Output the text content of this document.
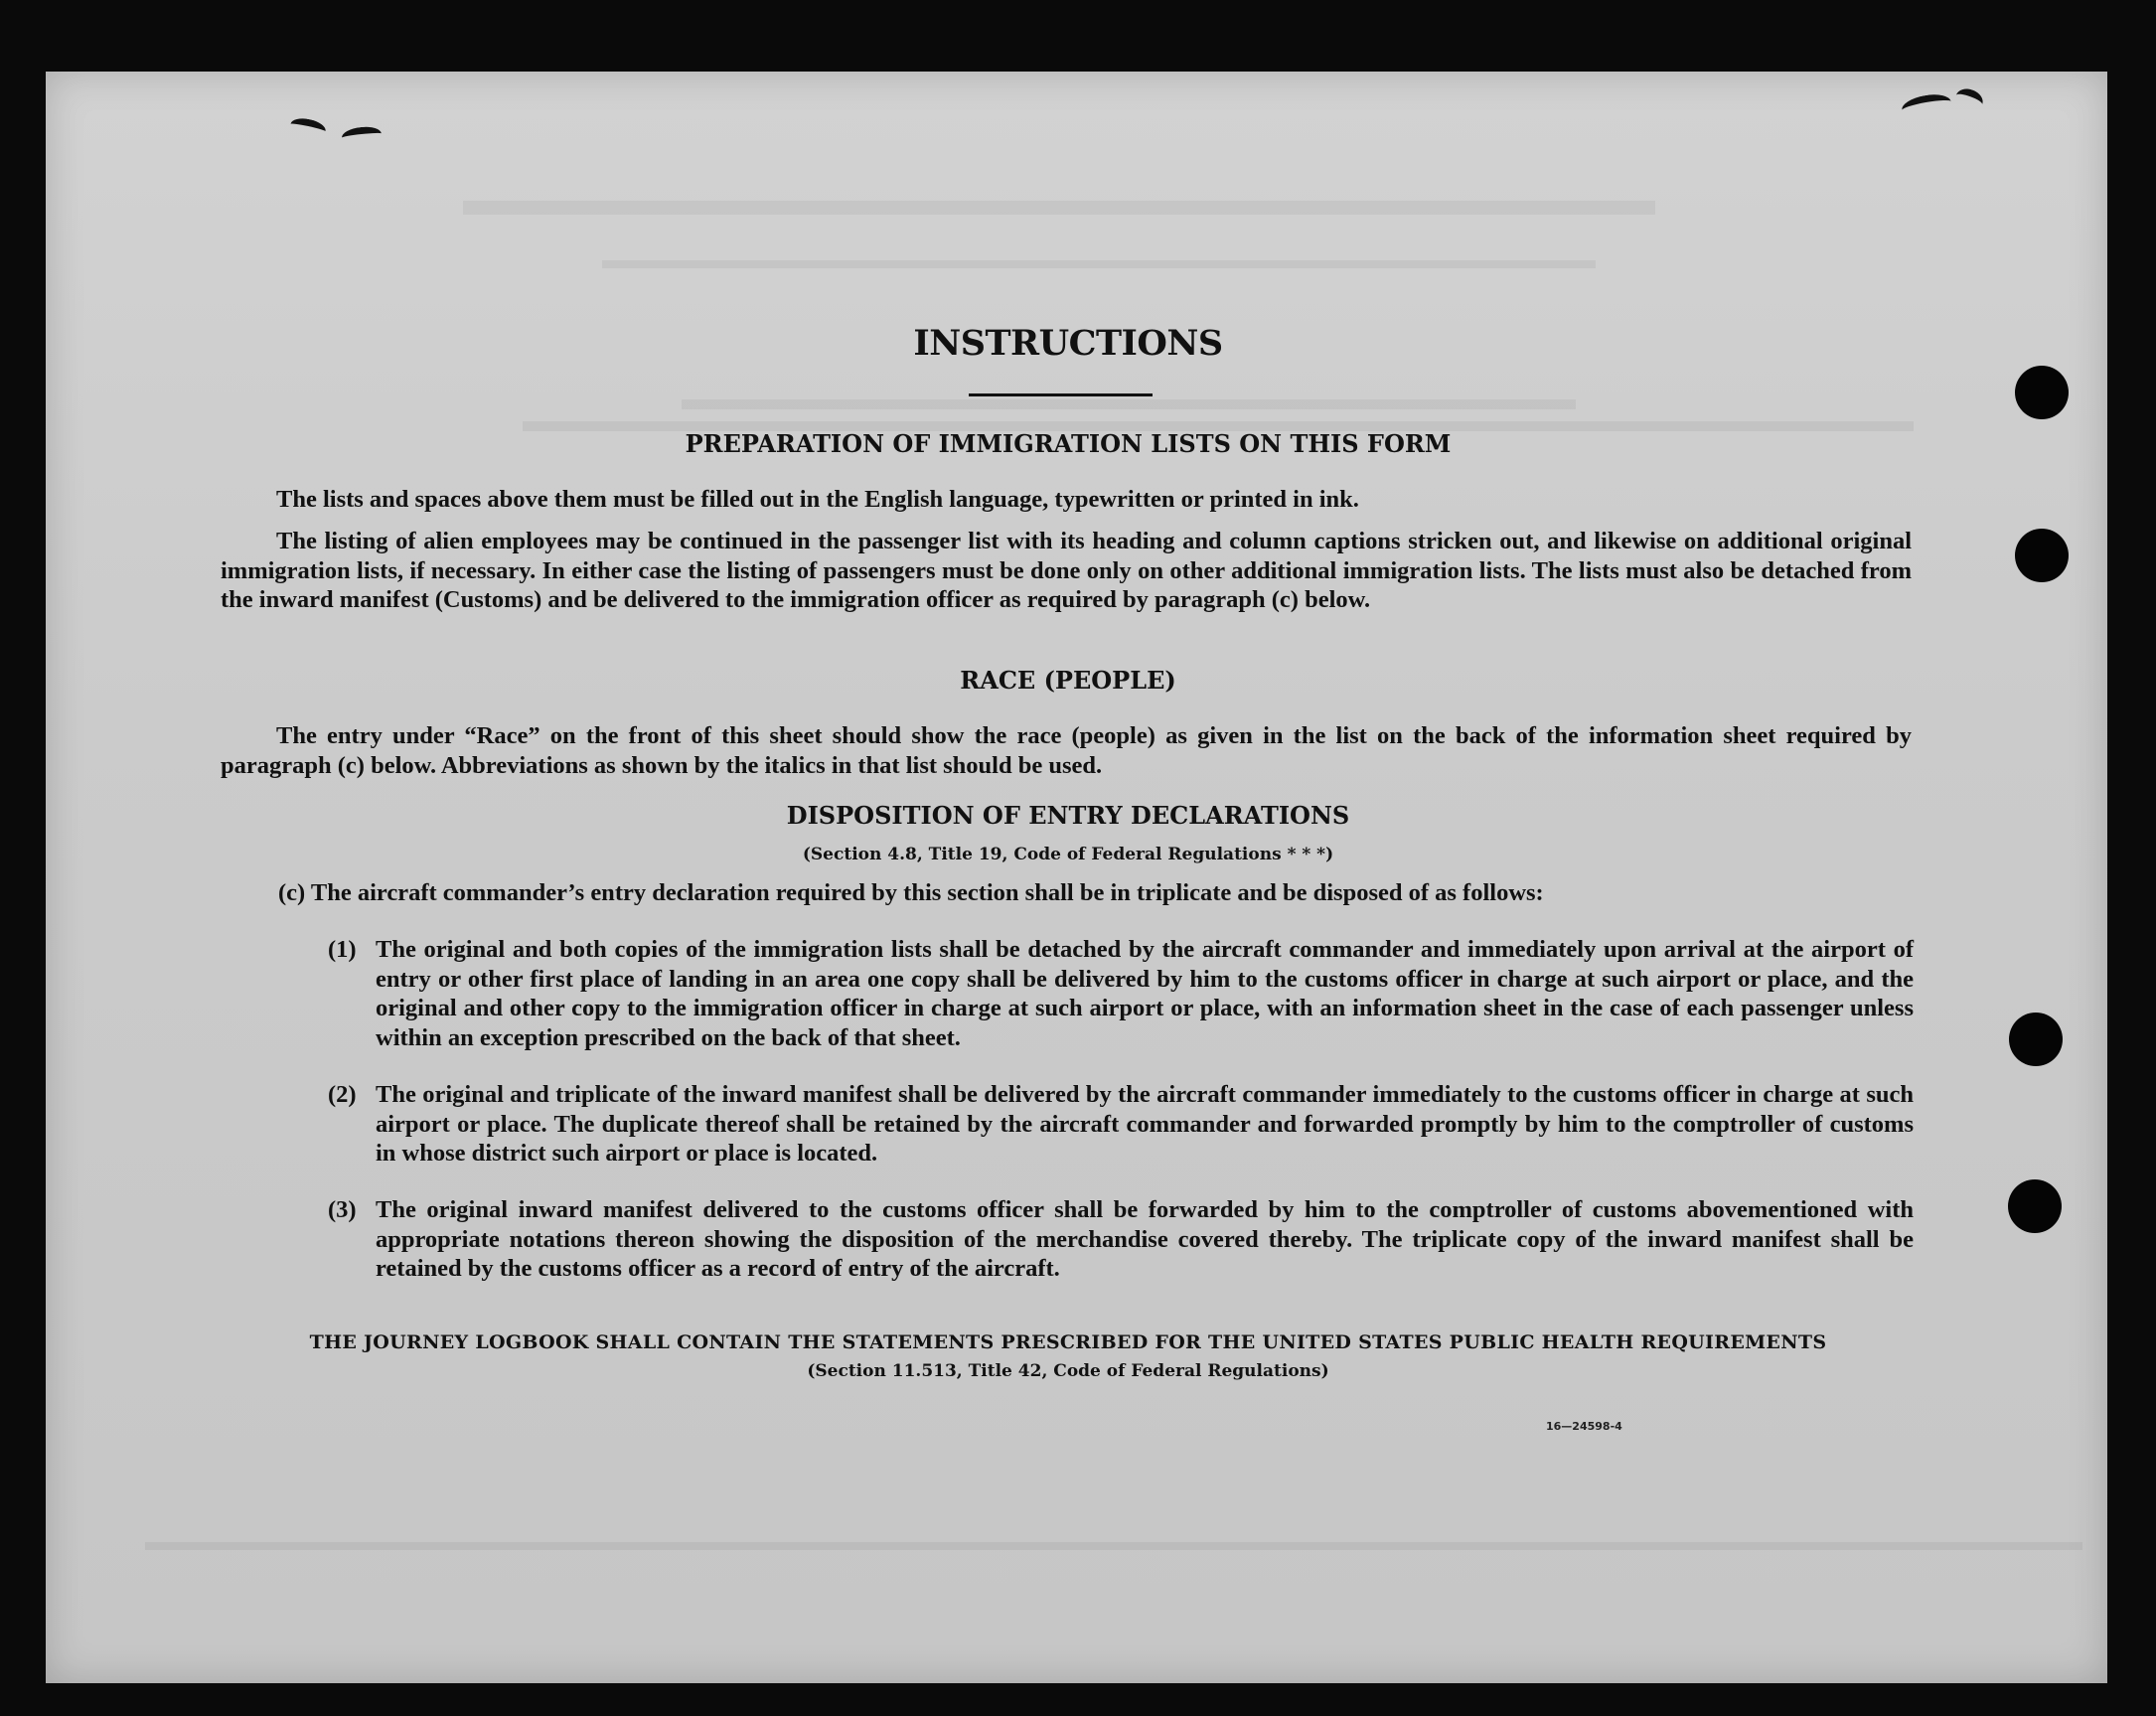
INSTRUCTIONS
PREPARATION OF IMMIGRATION LISTS ON THIS FORM

The lists and spaces above them must be filled out in the English language, typewritten or printed in ink.

The listing of alien employees may be continued in the passenger list with its heading and column captions stricken out, and likewise on additional original immigration lists, if necessary. In either case the listing of passengers must be done only on other additional immigration lists. The lists must also be detached from the inward manifest (Customs) and be delivered to the immigration officer as required by paragraph (c) below.

RACE (PEOPLE)

The entry under “Race” on the front of this sheet should show the race (people) as given in the list on the back of the information sheet required by paragraph (c) below. Abbreviations as shown by the italics in that list should be used.

DISPOSITION OF ENTRY DECLARATIONS
(Section 4.8, Title 19, Code of Federal Regulations * * *)

(c) The aircraft commander’s entry declaration required by this section shall be in triplicate and be disposed of as follows:

(1) The original and both copies of the immigration lists shall be detached by the aircraft commander and immediately upon arrival at the airport of entry or other first place of landing in an area one copy shall be delivered by him to the customs officer in charge at such airport or place, and the original and other copy to the immigration officer in charge at such airport or place, with an information sheet in the case of each passenger unless within an exception prescribed on the back of that sheet.
(2) The original and triplicate of the inward manifest shall be delivered by the aircraft commander immediately to the customs officer in charge at such airport or place. The duplicate thereof shall be retained by the aircraft commander and forwarded promptly by him to the comptroller of customs in whose district such airport or place is located.
(3) The original inward manifest delivered to the customs officer shall be forwarded by him to the comptroller of customs abovementioned with appropriate notations thereon showing the disposition of the merchandise covered thereby. The triplicate copy of the inward manifest shall be retained by the customs officer as a record of entry of the aircraft.
THE JOURNEY LOGBOOK SHALL CONTAIN THE STATEMENTS PRESCRIBED FOR THE UNITED STATES PUBLIC HEALTH REQUIREMENTS
(Section 11.513, Title 42, Code of Federal Regulations)
16—24598-4
